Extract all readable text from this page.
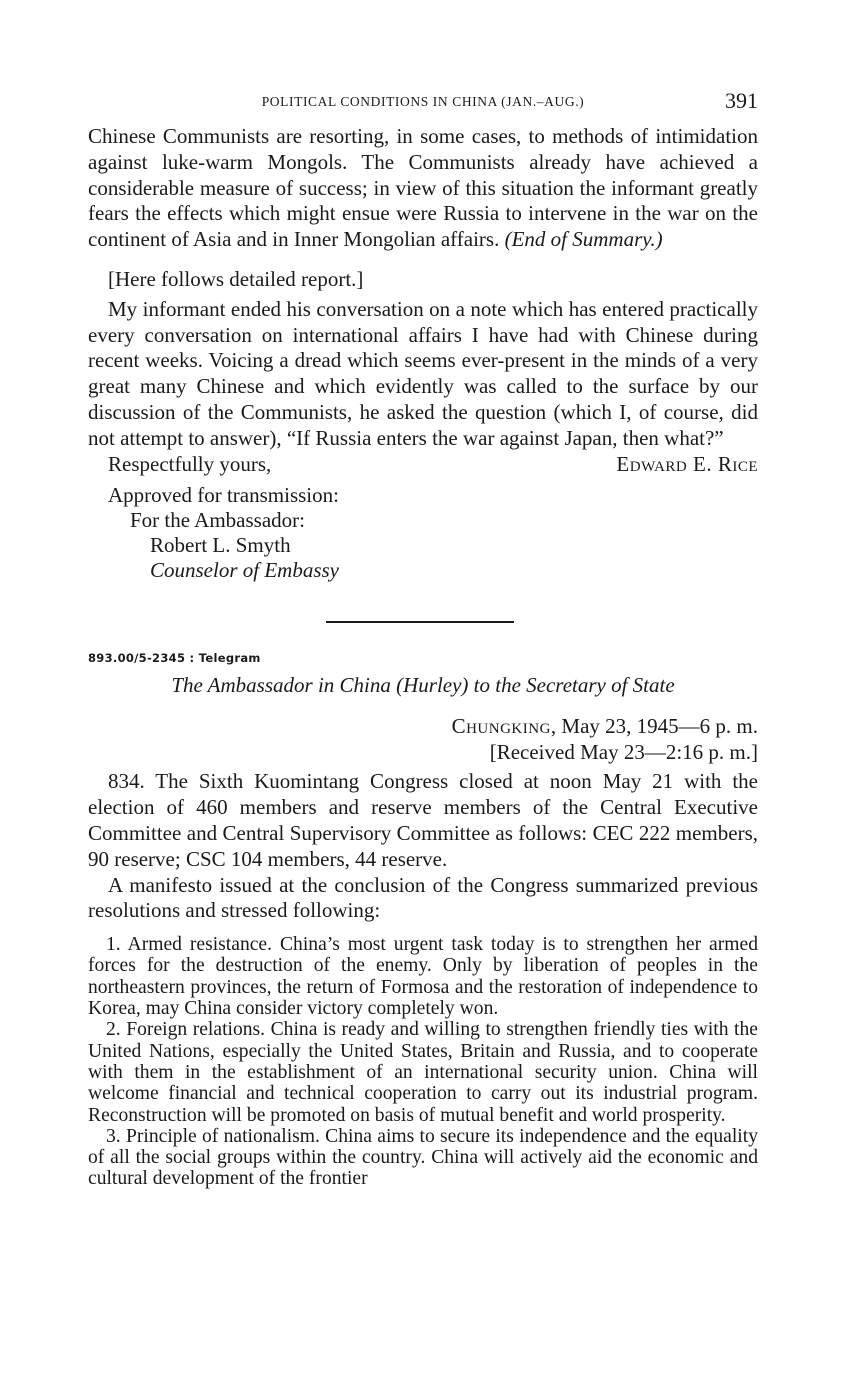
POLITICAL CONDITIONS IN CHINA (JAN.–AUG.)	391

Chinese Communists are resorting, in some cases, to methods of intimidation against luke-warm Mongols. The Communists already have achieved a considerable measure of success; in view of this situation the informant greatly fears the effects which might ensue were Russia to intervene in the war on the continent of Asia and in Inner Mongolian affairs. (End of Summary.)

[Here follows detailed report.]

My informant ended his conversation on a note which has entered practically every conversation on international affairs I have had with Chinese during recent weeks. Voicing a dread which seems ever-present in the minds of a very great many Chinese and which evidently was called to the surface by our discussion of the Communists, he asked the question (which I, of course, did not attempt to answer), “If Russia enters the war against Japan, then what?”

Respectfully yours,	Edward E. Rice
Approved for transmission:
For the Ambassador:
Robert L. Smyth
Counselor of Embassy
893.00/5-2345 : Telegram
The Ambassador in China (Hurley) to the Secretary of State
Chungking, May 23, 1945—6 p. m.
[Received May 23—2:16 p. m.]

834. The Sixth Kuomintang Congress closed at noon May 21 with the election of 460 members and reserve members of the Central Executive Committee and Central Supervisory Committee as follows: CEC 222 members, 90 reserve; CSC 104 members, 44 reserve.

A manifesto issued at the conclusion of the Congress summarized previous resolutions and stressed following:

1. Armed resistance. China’s most urgent task today is to strengthen her armed forces for the destruction of the enemy. Only by liberation of peoples in the northeastern provinces, the return of Formosa and the restoration of independence to Korea, may China consider victory completely won.

2. Foreign relations. China is ready and willing to strengthen friendly ties with the United Nations, especially the United States, Britain and Russia, and to cooperate with them in the establishment of an international security union. China will welcome financial and technical cooperation to carry out its industrial program. Reconstruction will be promoted on basis of mutual benefit and world prosperity.

3. Principle of nationalism. China aims to secure its independence and the equality of all the social groups within the country. China will actively aid the economic and cultural development of the frontier
